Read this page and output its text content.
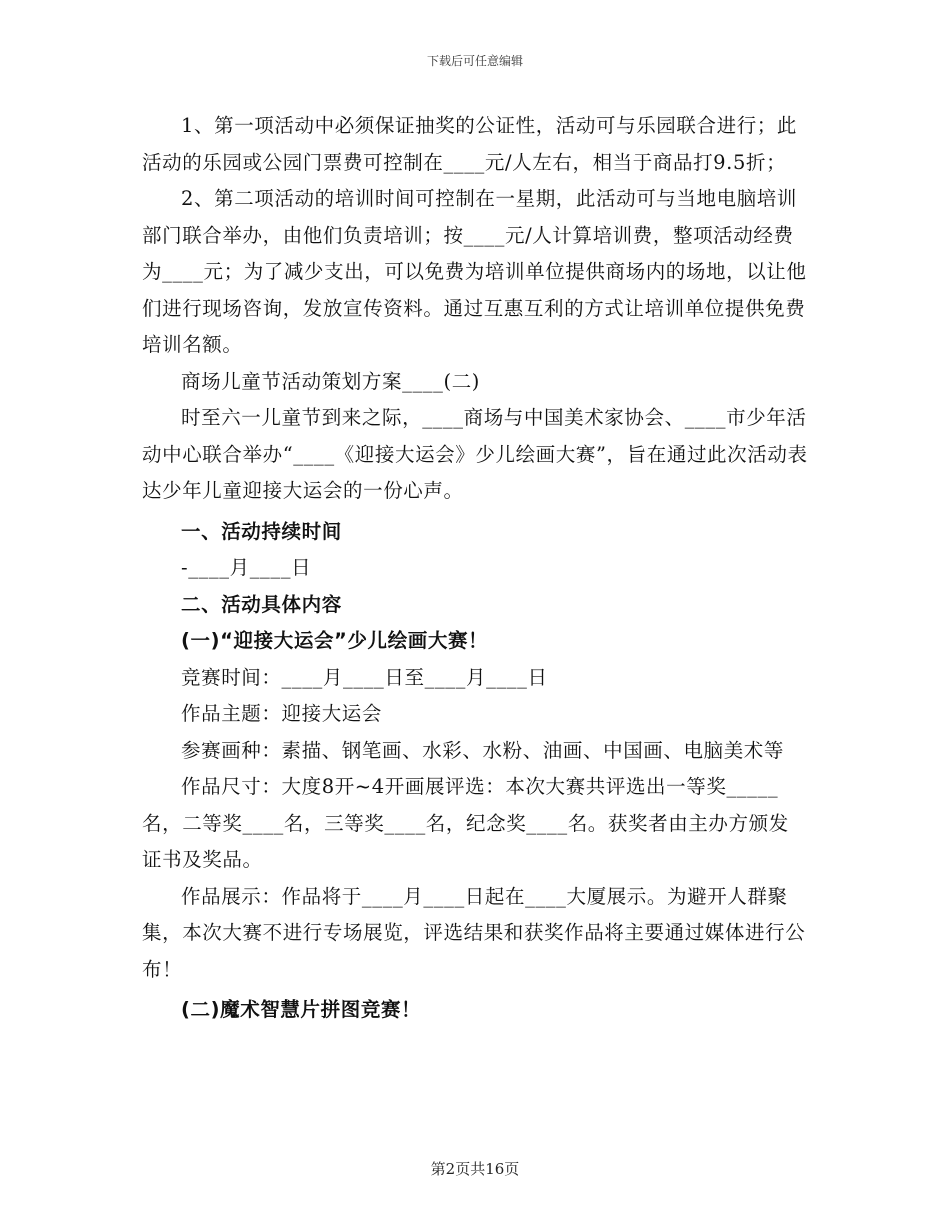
下载后可任意编辑

1、第一项活动中必须保证抽奖的公证性，活动可与乐园联合进行；此活动的乐园或公园门票费可控制在____元/人左右，相当于商品打9.5折；

2、第二项活动的培训时间可控制在一星期，此活动可与当地电脑培训部门联合举办，由他们负责培训；按____元/人计算培训费，整项活动经费为____元；为了减少支出，可以免费为培训单位提供商场内的场地，以让他们进行现场咨询，发放宣传资料。通过互惠互利的方式让培训单位提供免费培训名额。

商场儿童节活动策划方案____(二)

时至六一儿童节到来之际，____商场与中国美术家协会、____市少年活动中心联合举办“____《迎接大运会》少儿绘画大赛”，旨在通过此次活动表达少年儿童迎接大运会的一份心声。

一、活动持续时间

-____月____日

二、活动具体内容

(一)“迎接大运会”少儿绘画大赛！

竞赛时间：____月____日至____月____日

作品主题：迎接大运会

参赛画种：素描、钢笔画、水彩、水粉、油画、中国画、电脑美术等

作品尺寸：大度8开~4开画展评选：本次大赛共评选出一等奖_____名，二等奖____名，三等奖____名，纪念奖____名。获奖者由主办方颁发证书及奖品。

作品展示：作品将于____月____日起在____大厦展示。为避开人群聚集，本次大赛不进行专场展览，评选结果和获奖作品将主要通过媒体进行公布！

(二)魔术智慧片拼图竞赛！

第2页共16页
